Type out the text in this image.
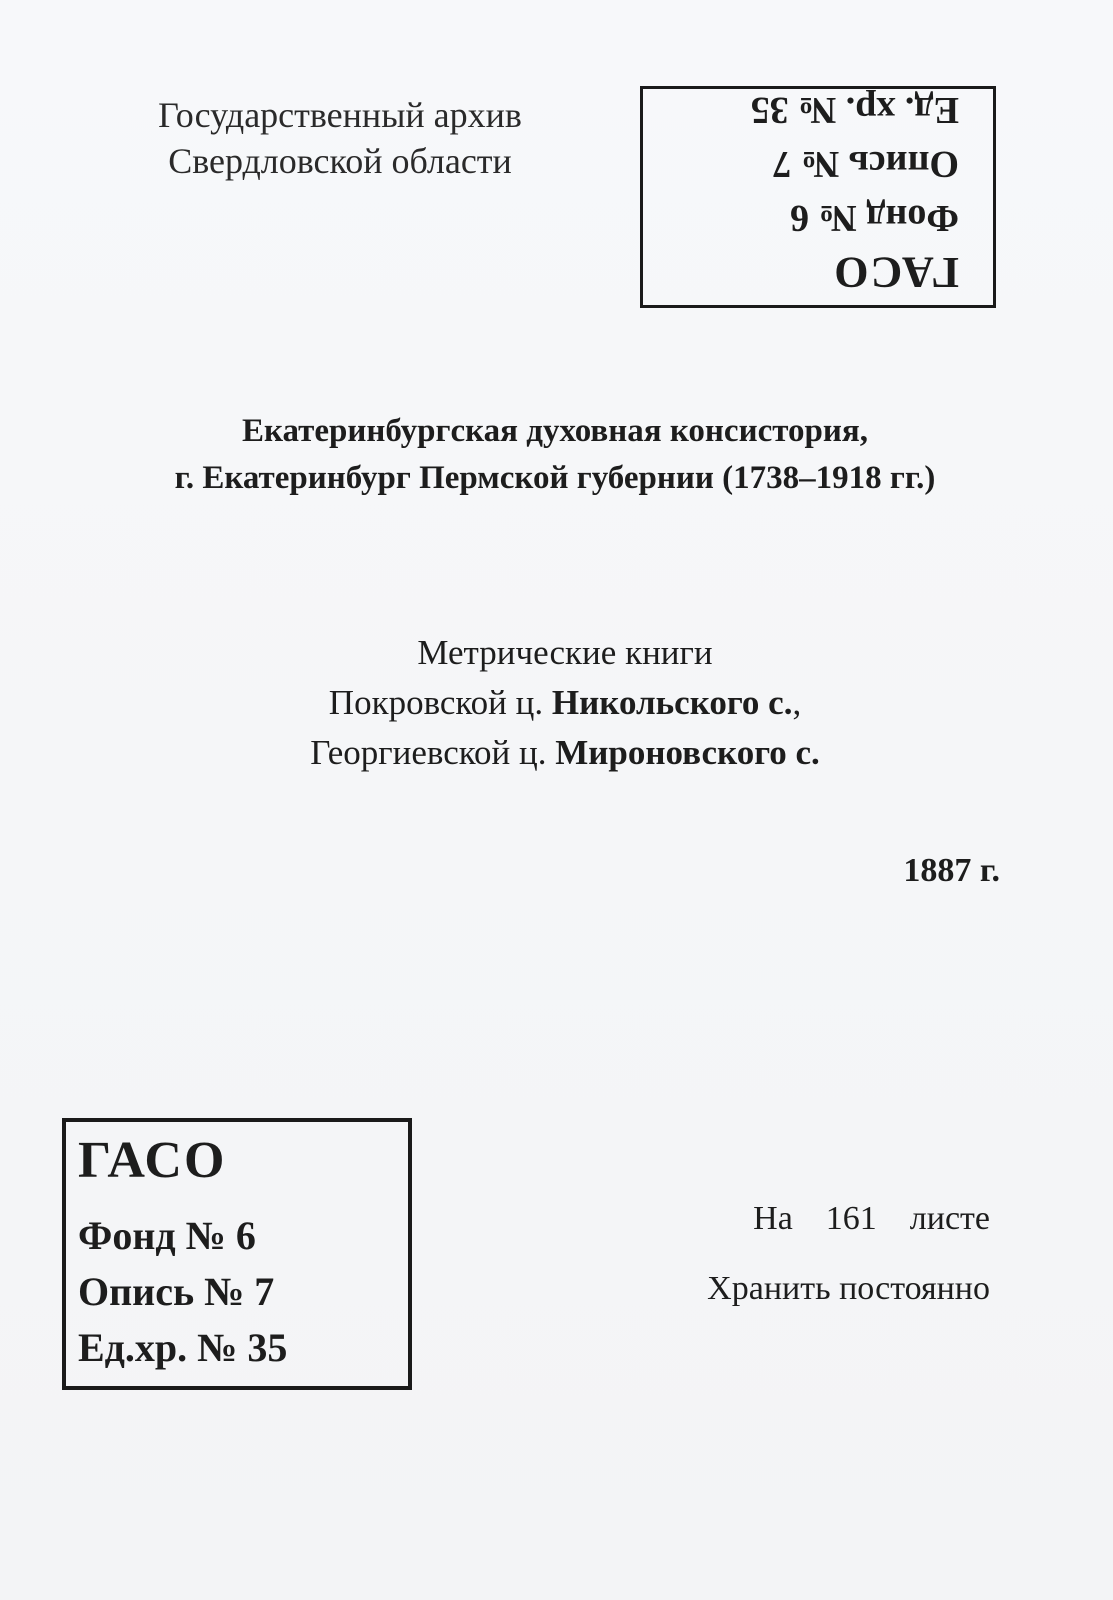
Государственный архив
Свердловской области
ГАСО
Фонд № 6
Опись № 7
Ед. хр. № 35
Екатеринбургская духовная консистория,
г. Екатеринбург Пермской губернии (1738–1918 гг.)
Метрические книги
Покровской ц. Никольского с.,
Георгиевской ц. Мироновского с.
1887 г.
ГАСО
Фонд № 6
Опись № 7
Ед.хр. № 35
На  161  листе
Хранить постоянно
